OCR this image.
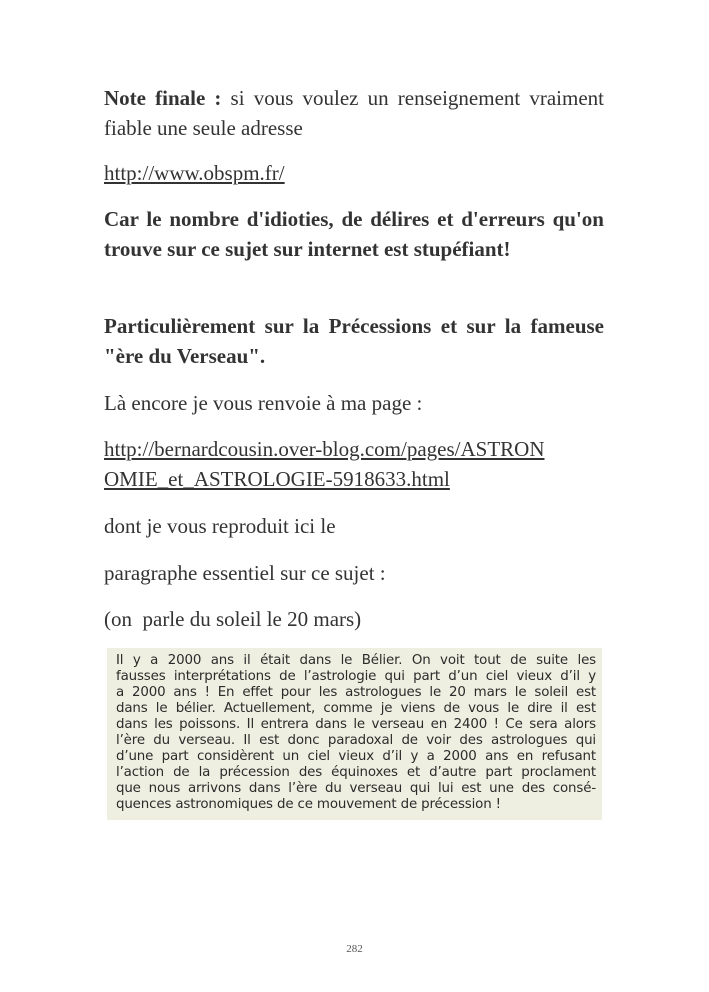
Note finale : si vous voulez un renseignement vraiment fiable une seule adresse

http://www.obspm.fr/

Car le nombre d'idioties, de délires et d'erreurs qu'on trouve sur ce sujet sur internet est stupéfiant!

Particulièrement sur la Précessions et sur la fameuse "ère du Verseau".

Là encore je vous renvoie à ma page :

http://bernardcousin.over-blog.com/pages/ASTRON
OMIE_et_ASTROLOGIE-5918633.html

dont je vous reproduit ici le

paragraphe essentiel sur ce sujet :

(on  parle du soleil le 20 mars)

Il y a 2000 ans il était dans le Bélier. On voit tout de suite les
fausses interprétations de l’astrologie qui part d’un ciel vieux d’il y
a 2000 ans ! En effet pour les astrologues le 20 mars le soleil est
dans le bélier. Actuellement, comme je viens de vous le dire il est
dans les poissons. Il entrera dans le verseau en 2400 ! Ce sera alors
l’ère du verseau. Il est donc paradoxal de voir des astrologues qui
d’une part considèrent un ciel vieux d’il y a 2000 ans en refusant
l’action de la précession des équinoxes et d’autre part proclament
que nous arrivons dans l’ère du verseau qui lui est une des consé-
quences astronomiques de ce mouvement de précession !
282
